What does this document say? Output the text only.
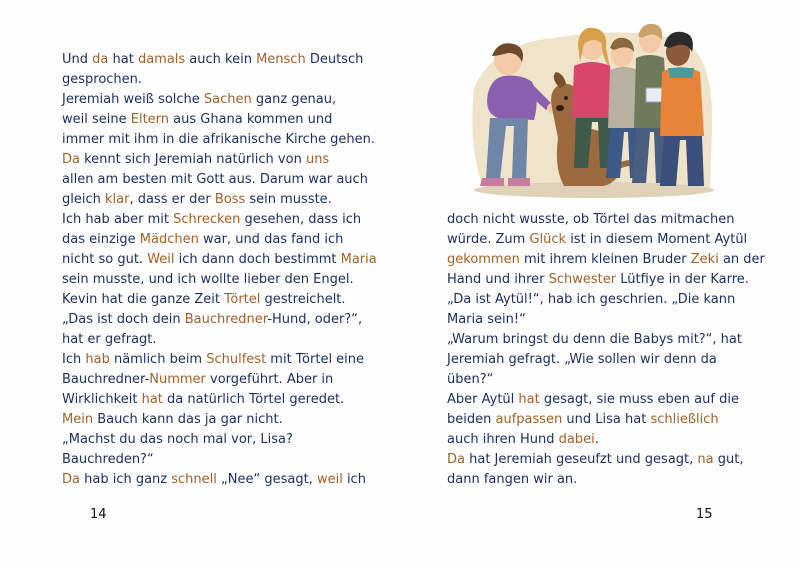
Und da hat damals auch kein Mensch Deutsch
gesprochen.
Jeremiah weiß solche Sachen ganz genau,
weil seine Eltern aus Ghana kommen und
immer mit ihm in die afrikanische Kirche gehen.
Da kennt sich Jeremiah natürlich von uns
allen am besten mit Gott aus. Darum war auch
gleich klar, dass er der Boss sein musste.
Ich hab aber mit Schrecken gesehen, dass ich
das einzige Mädchen war, und das fand ich
nicht so gut. Weil ich dann doch bestimmt Maria
sein musste, und ich wollte lieber den Engel.
Kevin hat die ganze Zeit Törtel gestreichelt.
„Das ist doch dein Bauchredner-Hund, oder?“,
hat er gefragt.
Ich hab nämlich beim Schulfest mit Törtel eine
Bauchredner-Nummer vorgeführt. Aber in
Wirklichkeit hat da natürlich Törtel geredet.
Mein Bauch kann das ja gar nicht.
„Machst du das noch mal vor, Lisa?
Bauchreden?“
Da hab ich ganz schnell „Nee“ gesagt, weil ich
14
doch nicht wusste, ob Törtel das mitmachen
würde. Zum Glück ist in diesem Moment Aytül
gekommen mit ihrem kleinen Bruder Zeki an der
Hand und ihrer Schwester Lütfiye in der Karre.
„Da ist Aytül!“, hab ich geschrien. „Die kann
Maria sein!“
„Warum bringst du denn die Babys mit?“, hat
Jeremiah gefragt. „Wie sollen wir denn da
üben?“
Aber Aytül hat gesagt, sie muss eben auf die
beiden aufpassen und Lisa hat schließlich
auch ihren Hund dabei.
Da hat Jeremiah geseufzt und gesagt, na gut,
dann fangen wir an.
15
